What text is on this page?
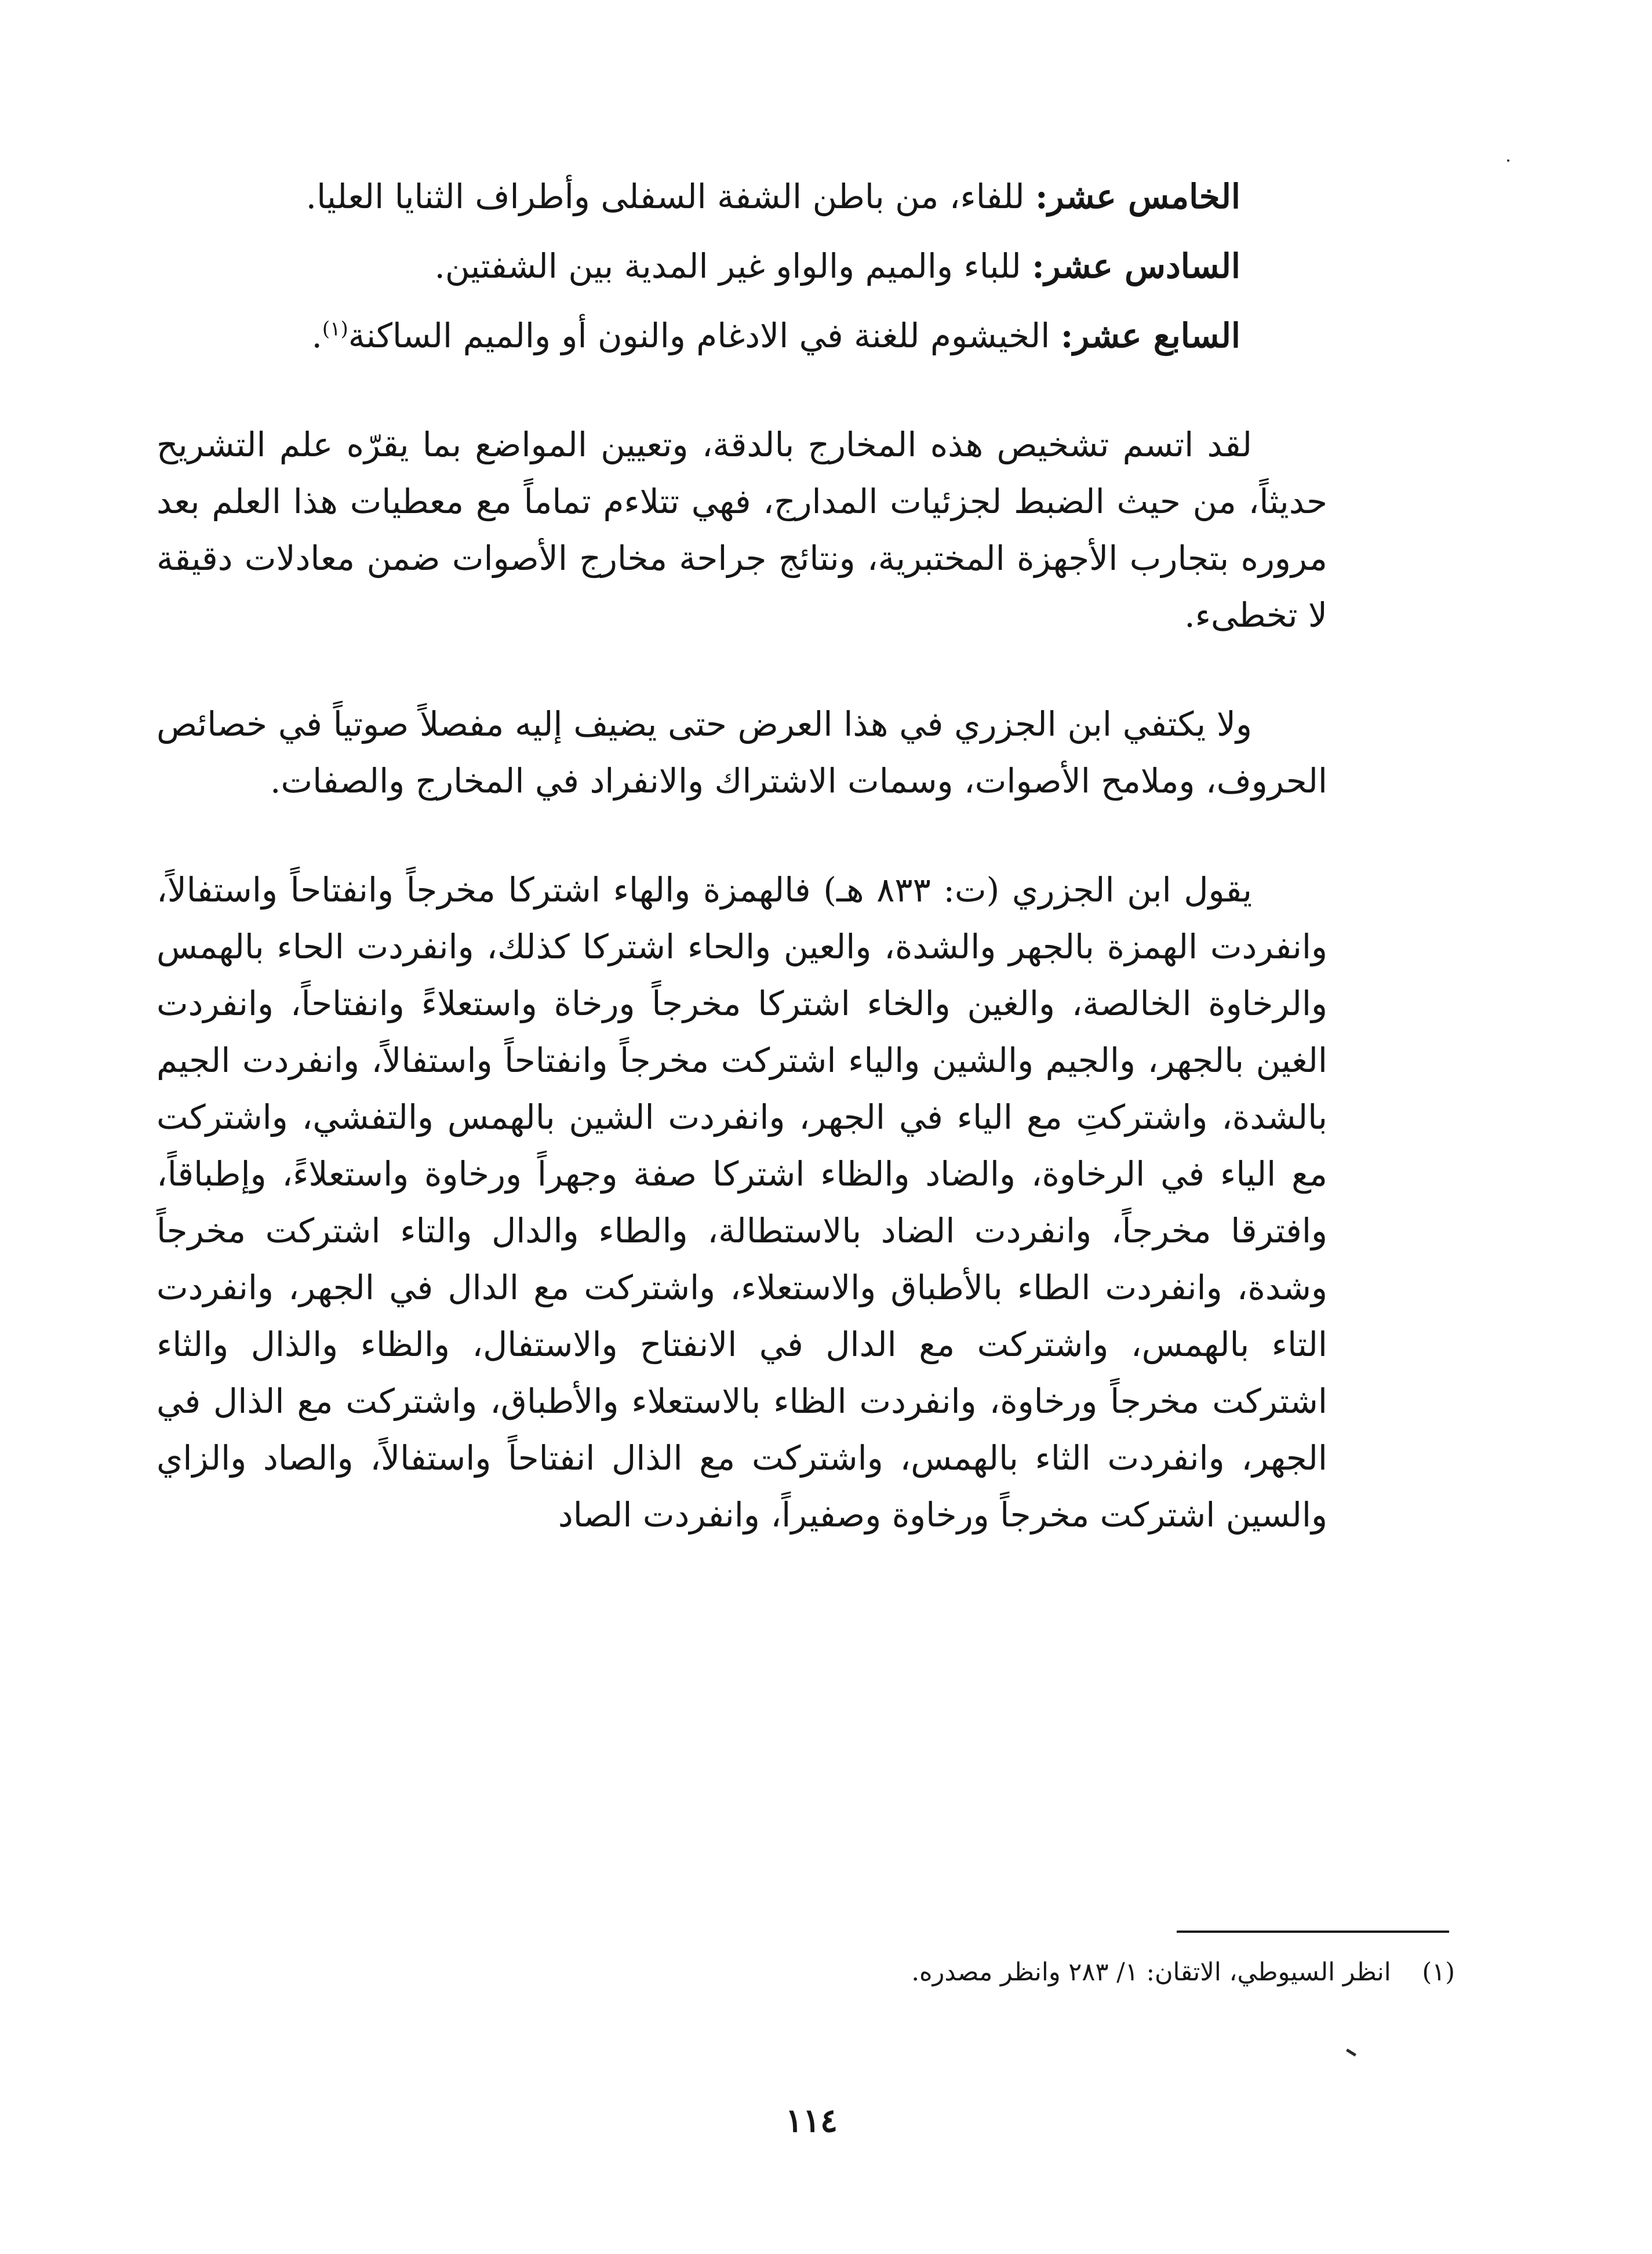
الخامس عشر: للفاء، من باطن الشفة السفلى وأطراف الثنايا العليا.

السادس عشر: للباء والميم والواو غير المدية بين الشفتين.

السابع عشر: الخيشوم للغنة في الادغام والنون أو والميم الساكنة$^{(١)}$.

لقد اتسم تشخيص هذه المخارج بالدقة، وتعيين المواضع بما يقرّه علم التشريح حديثاً، من حيث الضبط لجزئيات المدارج، فهي تتلاءم تماماً مع معطيات هذا العلم بعد مروره بتجارب الأجهزة المختبرية، ونتائج جراحة مخارج الأصوات ضمن معادلات دقيقة لا تخطىء.

ولا يكتفي ابن الجزري في هذا العرض حتى يضيف إليه مفصلاً صوتياً في خصائص الحروف، وملامح الأصوات، وسمات الاشتراك والانفراد في المخارج والصفات.

يقول ابن الجزري (ت: ٨٣٣ هـ) فالهمزة والهاء اشتركا مخرجاً وانفتاحاً واستفالاً، وانفردت الهمزة بالجهر والشدة، والعين والحاء اشتركا كذلك، وانفردت الحاء بالهمس والرخاوة الخالصة، والغين والخاء اشتركا مخرجاً ورخاة واستعلاءً وانفتاحاً، وانفردت الغين بالجهر، والجيم والشين والياء اشتركت مخرجاً وانفتاحاً واستفالاً، وانفردت الجيم بالشدة، واشتركتِ مع الياء في الجهر، وانفردت الشين بالهمس والتفشي، واشتركت مع الياء في الرخاوة، والضاد والظاء اشتركا صفة وجهراً ورخاوة واستعلاءً، وإطباقاً، وافترقا مخرجاً، وانفردت الضاد بالاستطالة، والطاء والدال والتاء اشتركت مخرجاً وشدة، وانفردت الطاء بالأطباق والاستعلاء، واشتركت مع الدال في الجهر، وانفردت التاء بالهمس، واشتركت مع الدال في الانفتاح والاستفال، والظاء والذال والثاء اشتركت مخرجاً ورخاوة، وانفردت الظاء بالاستعلاء والأطباق، واشتركت مع الذال في الجهر، وانفردت الثاء بالهمس، واشتركت مع الذال انفتاحاً واستفالاً، والصاد والزاي والسين اشتركت مخرجاً ورخاوة وصفيراً، وانفردت الصاد

(١) انظر السيوطي، الاتقان: ١/ ٢٨٣ وانظر مصدره.
١١٤
